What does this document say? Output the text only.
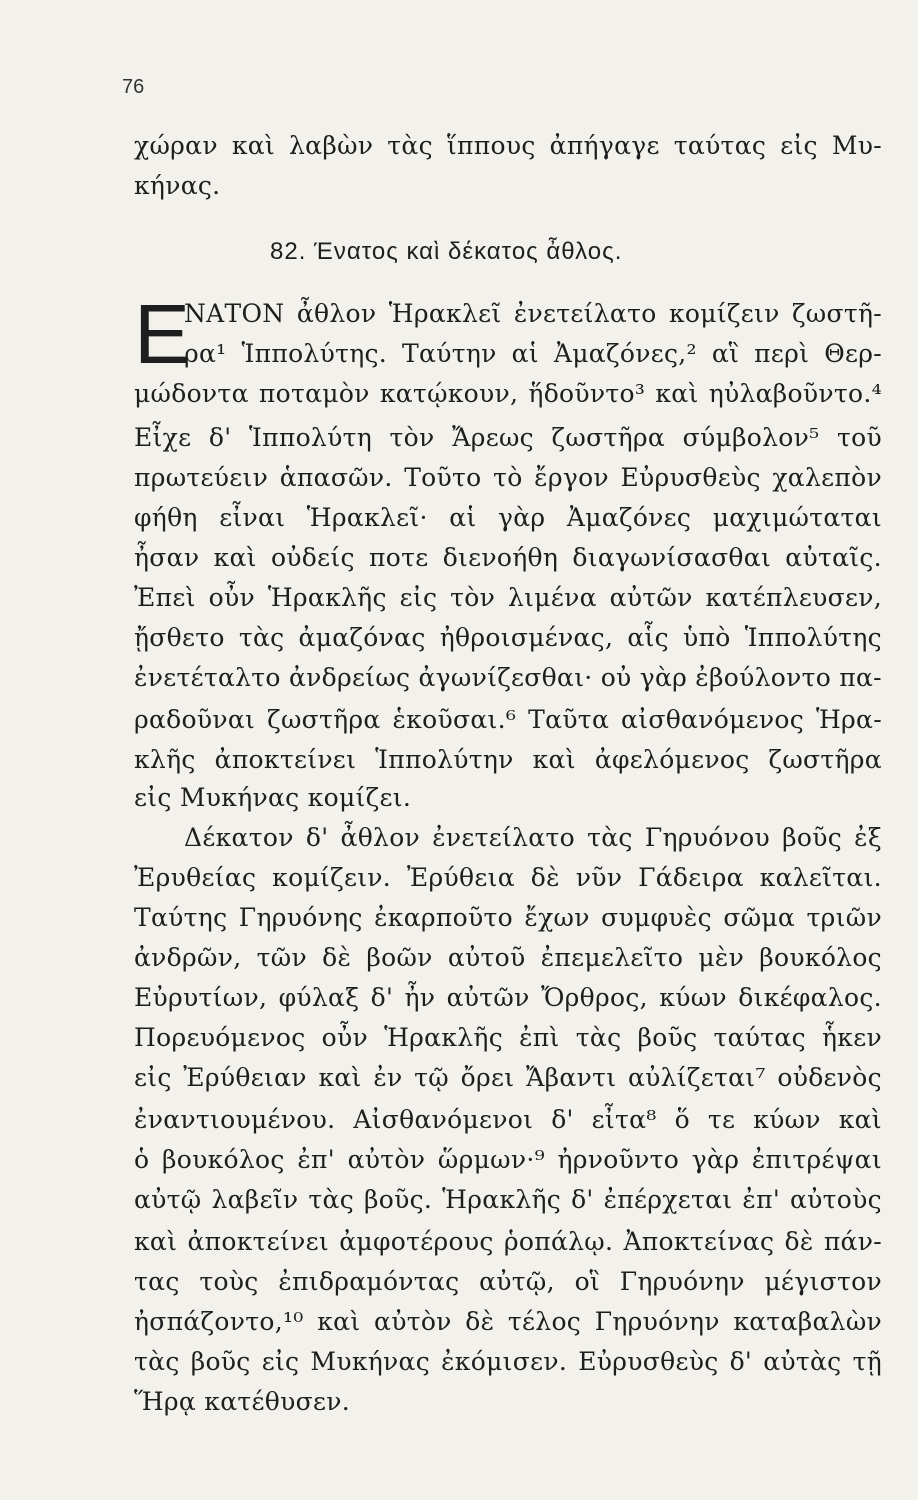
76
82. Ένατος καὶ δέκατος ἆθλος.
Ε
χώραν καὶ λαβὼν τὰς ἵππους ἀπήγαγε ταύτας εἰς Μυ-
κήνας.
ΝΑΤΟΝ ἆθλον Ἡρακλεῖ ἐνετείλατο κομίζειν ζωστῆ-
ρα¹ Ἱππολύτης. Ταύτην αἱ Ἀμαζόνες,² αἳ περὶ Θερ-
μώδοντα ποταμὸν κατῴκουν, ἥδοῦντο³ καὶ ηὐλαβοῦντο.⁴
Εἶχε δ' Ἱππολύτη τὸν Ἄρεως ζωστῆρα σύμβολον⁵ τοῦ
πρωτεύειν ἁπασῶν. Τοῦτο τὸ ἔργον Εὐρυσθεὺς χαλεπὸν
φήθη εἶναι Ἡρακλεῖ· αἱ γὰρ Ἀμαζόνες μαχιμώταται
ἦσαν καὶ οὐδείς ποτε διενοήθη διαγωνίσασθαι αὐταῖς.
Ἐπεὶ οὖν Ἡρακλῆς εἰς τὸν λιμένα αὐτῶν κατέπλευσεν,
ᾔσθετο τὰς ἀμαζόνας ἠθροισμένας, αἷς ὑπὸ Ἱππολύτης
ἐνετέταλτο ἀνδρείως ἀγωνίζεσθαι· οὐ γὰρ ἐβούλοντο πα-
ραδοῦναι ζωστῆρα ἑκοῦσαι.⁶ Ταῦτα αἰσθανόμενος Ἡρα-
κλῆς ἀποκτείνει Ἱππολύτην καὶ ἀφελόμενος ζωστῆρα
εἰς Μυκήνας κομίζει.
Δέκατον δ' ἆθλον ἐνετείλατο τὰς Γηρυόνου βοῦς ἐξ
Ἐρυθείας κομίζειν. Ἐρύθεια δὲ νῦν Γάδειρα καλεῖται.
Ταύτης Γηρυόνης ἐκαρποῦτο ἔχων συμφυὲς σῶμα τριῶν
ἀνδρῶν, τῶν δὲ βοῶν αὐτοῦ ἐπεμελεῖτο μὲν βουκόλος
Εὐρυτίων, φύλαξ δ' ἦν αὐτῶν Ὄρθρος, κύων δικέφαλος.
Πορευόμενος οὖν Ἡρακλῆς ἐπὶ τὰς βοῦς ταύτας ἧκεν
εἰς Ἐρύθειαν καὶ ἐν τῷ ὄρει Ἄβαντι αὐλίζεται⁷ οὐδενὸς
ἐναντιουμένου. Αἰσθανόμενοι δ' εἶτα⁸ ὅ τε κύων καὶ
ὁ βουκόλος ἐπ' αὐτὸν ὥρμων·⁹ ἠρνοῦντο γὰρ ἐπιτρέψαι
αὐτῷ λαβεῖν τὰς βοῦς. Ἡρακλῆς δ' ἐπέρχεται ἐπ' αὐτοὺς
καὶ ἀποκτείνει ἀμφοτέρους ῥοπάλῳ. Ἀποκτείνας δὲ πάν-
τας τοὺς ἐπιδραμόντας αὐτῷ, οἳ Γηρυόνην μέγιστον
ἠσπάζοντο,¹⁰ καὶ αὐτὸν δὲ τέλος Γηρυόνην καταβαλὼν
τὰς βοῦς εἰς Μυκήνας ἐκόμισεν. Εὐρυσθεὺς δ' αὐτὰς τῇ
Ἥρᾳ κατέθυσεν.
